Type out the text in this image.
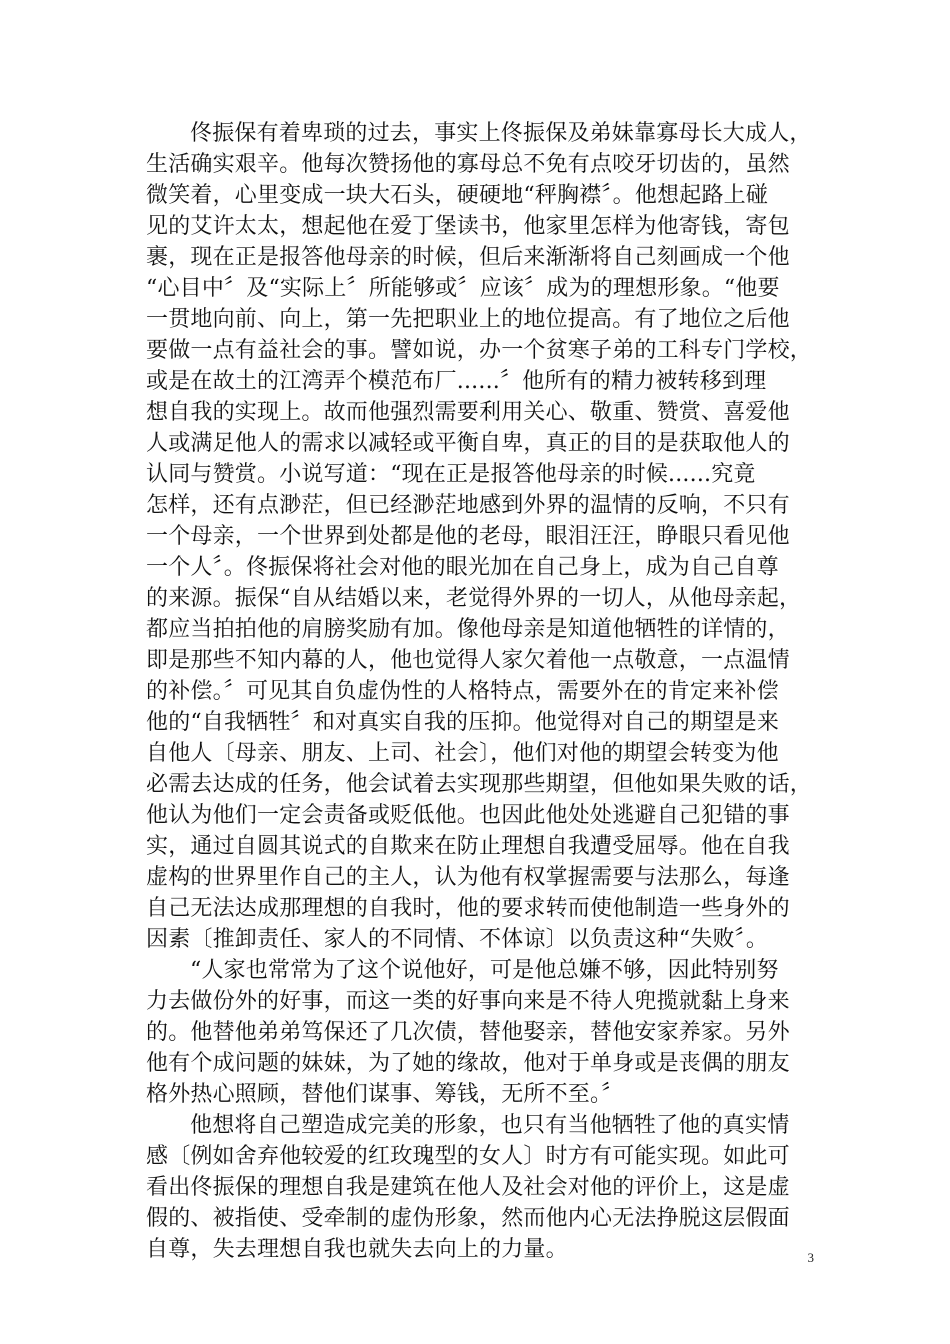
佟振保有着卑琐的过去，事实上佟振保及弟妹靠寡母长大成人，
生活确实艰辛。他每次赞扬他的寡母总不免有点咬牙切齿的，虽然
微笑着，心里变成一块大石头，硬硬地“秤胸襟〞。他想起路上碰
见的艾许太太，想起他在爱丁堡读书，他家里怎样为他寄钱，寄包
裹，现在正是报答他母亲的时候，但后来渐渐将自己刻画成一个他
“心目中〞及“实际上〞所能够或〞应该〞成为的理想形象。“他要
一贯地向前、向上，第一先把职业上的地位提高。有了地位之后他
要做一点有益社会的事。譬如说，办一个贫寒子弟的工科专门学校，
或是在故土的江湾弄个模范布厂......〞他所有的精力被转移到理
想自我的实现上。故而他强烈需要利用关心、敬重、赞赏、喜爱他
人或满足他人的需求以减轻或平衡自卑，真正的目的是获取他人的
认同与赞赏。小说写道：“现在正是报答他母亲的时候......究竟
怎样，还有点渺茫，但已经渺茫地感到外界的温情的反响，不只有
一个母亲，一个世界到处都是他的老母，眼泪汪汪，睁眼只看见他
一个人〞。佟振保将社会对他的眼光加在自己身上，成为自己自尊
的来源。振保“自从结婚以来，老觉得外界的一切人，从他母亲起，
都应当拍拍他的肩膀奖励有加。像他母亲是知道他牺牲的详情的，
即是那些不知内幕的人，他也觉得人家欠着他一点敬意，一点温情
的补偿。〞可见其自负虚伪性的人格特点，需要外在的肯定来补偿
他的“自我牺牲〞和对真实自我的压抑。他觉得对自己的期望是来
自他人〔母亲、朋友、上司、社会〕，他们对他的期望会转变为他
必需去达成的任务，他会试着去实现那些期望，但他如果失败的话，
他认为他们一定会责备或贬低他。也因此他处处逃避自己犯错的事
实，通过自圆其说式的自欺来在防止理想自我遭受屈辱。他在自我
虚构的世界里作自己的主人，认为他有权掌握需要与法那么，每逢
自己无法达成那理想的自我时，他的要求转而使他制造一些身外的
因素〔推卸责任、家人的不同情、不体谅〕以负责这种“失败〞。
“人家也常常为了这个说他好，可是他总嫌不够，因此特别努
力去做份外的好事，而这一类的好事向来是不待人兜揽就黏上身来
的。他替他弟弟笃保还了几次债，替他娶亲，替他安家养家。另外
他有个成问题的妹妹，为了她的缘故，他对于单身或是丧偶的朋友
格外热心照顾，替他们谋事、筹钱，无所不至。〞
他想将自己塑造成完美的形象，也只有当他牺牲了他的真实情
感〔例如舍弃他较爱的红玫瑰型的女人〕时方有可能实现。如此可
看出佟振保的理想自我是建筑在他人及社会对他的评价上，这是虚
假的、被指使、受牵制的虚伪形象，然而他内心无法挣脱这层假面
自尊，失去理想自我也就失去向上的力量。	3
